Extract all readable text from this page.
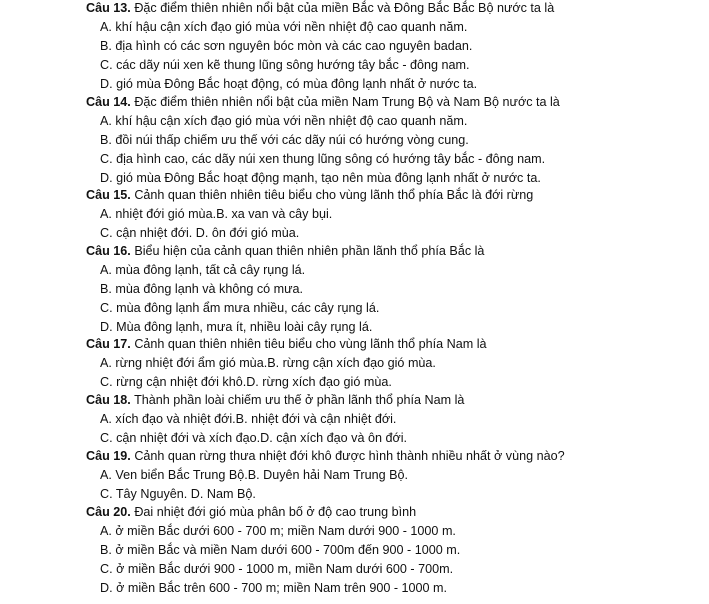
Câu 13. Đặc điểm thiên nhiên nổi bật của miền Bắc và Đông Bắc Bắc Bộ nước ta là
A. khí hậu cận xích đạo gió mùa với nền nhiệt độ cao quanh năm.
B. địa hình có các sơn nguyên bóc mòn và các cao nguyên badan.
C. các dãy núi xen kẽ thung lũng sông hướng tây bắc - đông nam.
D. gió mùa Đông Bắc hoạt động, có mùa đông lạnh nhất ở nước ta.
Câu 14. Đặc điểm thiên nhiên nổi bật của miền Nam Trung Bộ và Nam Bộ nước ta là
A. khí hậu cận xích đạo gió mùa với nền nhiệt độ cao quanh năm.
B. đồi núi thấp chiếm ưu thế với các dãy núi có hướng vòng cung.
C. địa hình cao, các dãy núi xen thung lũng sông có hướng tây bắc - đông nam.
D. gió mùa Đông Bắc hoạt động mạnh, tạo nên mùa đông lạnh nhất ở nước ta.
Câu 15. Cảnh quan thiên nhiên tiêu biểu cho vùng lãnh thổ phía Bắc là đới rừng
A. nhiệt đới gió mùa.B. xa van và cây bụi.
C. cận nhiệt đới. D. ôn đới gió mùa.
Câu 16. Biểu hiện của cảnh quan thiên nhiên phần lãnh thổ phía Bắc là
A. mùa đông lạnh, tất cả cây rụng lá.
B. mùa đông lạnh và không có mưa.
C. mùa đông lạnh ẩm mưa nhiều, các cây rụng lá.
D. Mùa đông lạnh, mưa ít, nhiều loài cây rụng lá.
Câu 17. Cảnh quan thiên nhiên tiêu biểu cho vùng lãnh thổ phía Nam là
A. rừng nhiệt đới ẩm gió mùa.B. rừng cận xích đạo gió mùa.
C. rừng cận nhiệt đới khô.D. rừng xích đạo gió mùa.
Câu 18. Thành phần loài chiếm ưu thế ở phần lãnh thổ phía Nam là
A. xích đạo và nhiệt đới.B. nhiệt đới và cận nhiệt đới.
C. cận nhiệt đới và xích đạo.D. cận xích đạo và ôn đới.
Câu 19. Cảnh quan rừng thưa nhiệt đới khô được hình thành nhiều nhất ở vùng nào?
A. Ven biển Bắc Trung Bộ.B. Duyên hải Nam Trung Bộ.
C. Tây Nguyên. D. Nam Bộ.
Câu 20. Đai nhiệt đới gió mùa phân bố ở độ cao trung bình
A. ở miền Bắc dưới 600 - 700 m; miền Nam dưới 900 - 1000 m.
B. ở miền Bắc và miền Nam dưới 600 - 700m đến 900 - 1000 m.
C. ở miền Bắc dưới 900 - 1000 m, miền Nam dưới 600 - 700m.
D. ở miền Bắc trên 600 - 700 m; miền Nam trên 900 - 1000 m.
